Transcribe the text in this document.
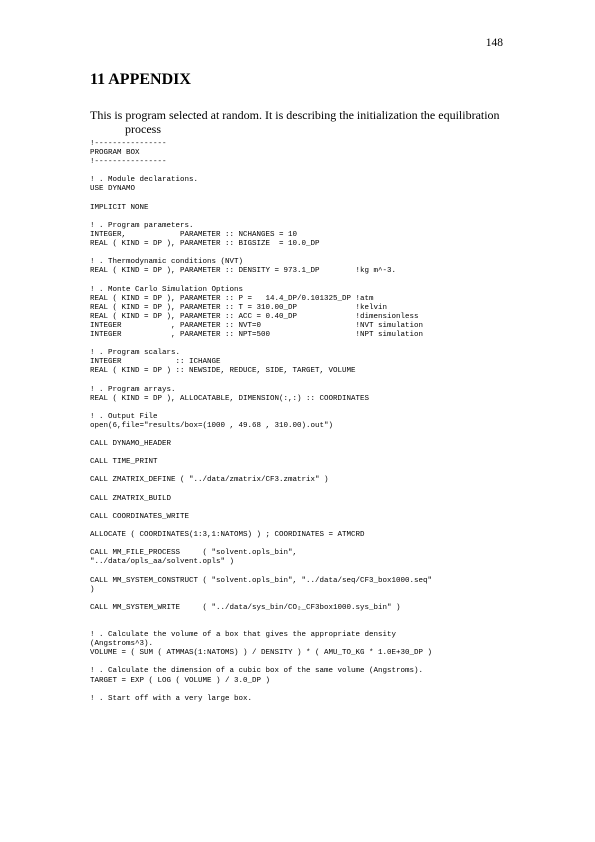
148
11 APPENDIX

This is program selected at random. It is describing the initialization the equilibration
process

!----------------
PROGRAM BOX
!----------------
! . Module declarations.
USE DYNAMO
IMPLICIT NONE
! . Program parameters.
INTEGER,            PARAMETER :: NCHANGES = 10
REAL ( KIND = DP ), PARAMETER :: BIGSIZE  = 10.0_DP
! . Thermodynamic conditions (NVT)
REAL ( KIND = DP ), PARAMETER :: DENSITY = 973.1_DP        !kg m^-3.
! . Monte Carlo Simulation Options
REAL ( KIND = DP ), PARAMETER :: P =   14.4_DP/0.101325_DP !atm
REAL ( KIND = DP ), PARAMETER :: T = 310.00_DP             !kelvin
REAL ( KIND = DP ), PARAMETER :: ACC = 0.40_DP             !dimensionless
INTEGER           , PARAMETER :: NVT=0                     !NVT simulation
INTEGER           , PARAMETER :: NPT=500                   !NPT simulation
! . Program scalars.
INTEGER            :: ICHANGE
REAL ( KIND = DP ) :: NEWSIDE, REDUCE, SIDE, TARGET, VOLUME
! . Program arrays.
REAL ( KIND = DP ), ALLOCATABLE, DIMENSION(:,:) :: COORDINATES
! . Output File
open(6,file="results/box=(1000 , 49.68 , 310.00).out")
CALL DYNAMO_HEADER
CALL TIME_PRINT
CALL ZMATRIX_DEFINE ( "../data/zmatrix/CF3.zmatrix" )
CALL ZMATRIX_BUILD
CALL COORDINATES_WRITE
ALLOCATE ( COORDINATES(1:3,1:NATOMS) ) ; COORDINATES = ATMCRD
CALL MM_FILE_PROCESS     ( "solvent.opls_bin",
"../data/opls_aa/solvent.opls" )
CALL MM_SYSTEM_CONSTRUCT ( "solvent.opls_bin", "../data/seq/CF3_box1000.seq"
)
CALL MM_SYSTEM_WRITE     ( "../data/sys_bin/CO₂_CF3box1000.sys_bin" )
! . Calculate the volume of a box that gives the appropriate density
(Angstroms^3).
VOLUME = ( SUM ( ATMMAS(1:NATOMS) ) / DENSITY ) * ( AMU_TO_KG * 1.0E+30_DP )
! . Calculate the dimension of a cubic box of the same volume (Angstroms).
TARGET = EXP ( LOG ( VOLUME ) / 3.0_DP )
! . Start off with a very large box.
